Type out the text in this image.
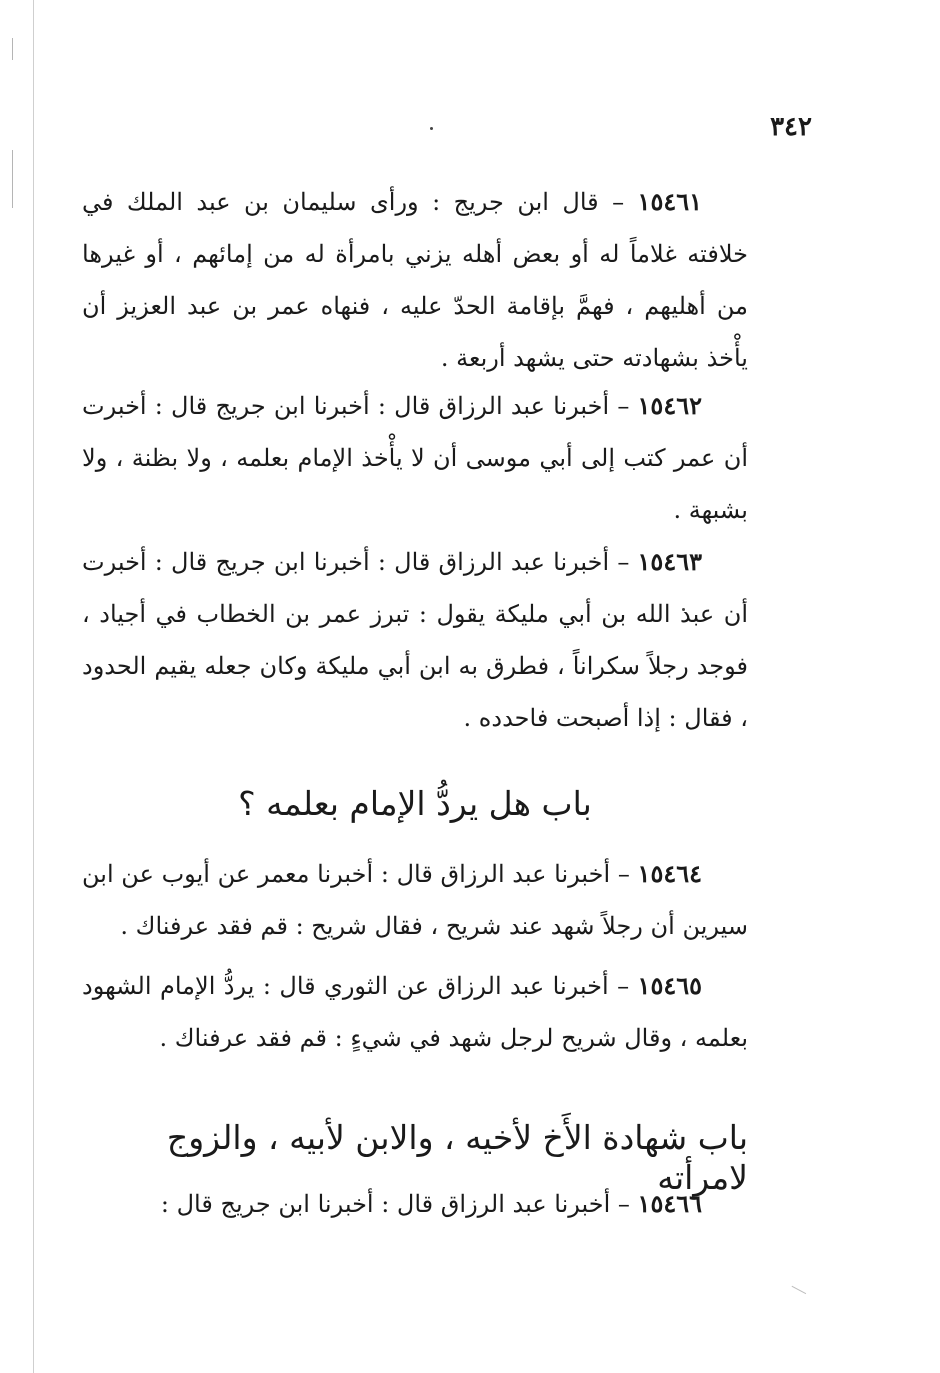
٣٤٢
١٥٤٦١ – قال ابن جريج : ورأى سليمان بن عبد الملك في خلافته غلاماً له أو بعض أهله يزني بامرأة له من إمائهم ، أو غيرها من أهليهم ، فهمَّ بإقامة الحدّ عليه ، فنهاه عمر بن عبد العزيز أن يأْخذ بشهادته حتى يشهد أربعة .
١٥٤٦٢ – أخبرنا عبد الرزاق قال : أخبرنا ابن جريج قال : أخبرت أن عمر كتب إلى أبي موسى أن لا يأْخذ الإمام بعلمه ، ولا بظنة ، ولا بشبهة .
١٥٤٦٣ – أخبرنا عبد الرزاق قال : أخبرنا ابن جريج قال : أخبرت أن عبد الله بن أبي مليكة يقول : تبرز عمر بن الخطاب في أجياد ، فوجد رجلاً سكراناً ، فطرق به ابن أبي مليكة وكان جعله يقيم الحدود ، فقال : إذا أصبحت فاحدده .
باب هل يردُّ الإمام بعلمه ؟
١٥٤٦٤ – أخبرنا عبد الرزاق قال : أخبرنا معمر عن أيوب عن ابن سيرين أن رجلاً شهد عند شريح ، فقال شريح : قم فقد عرفناك .
١٥٤٦٥ – أخبرنا عبد الرزاق عن الثوري قال : يردُّ الإمام الشهود بعلمه ، وقال شريح لرجل شهد في شيءٍ : قم فقد عرفناك .
باب شهادة الأَخ لأخيه ، والابن لأبيه ، والزوج لامرأته
١٥٤٦٦ – أخبرنا عبد الرزاق قال : أخبرنا ابن جريج قال :
